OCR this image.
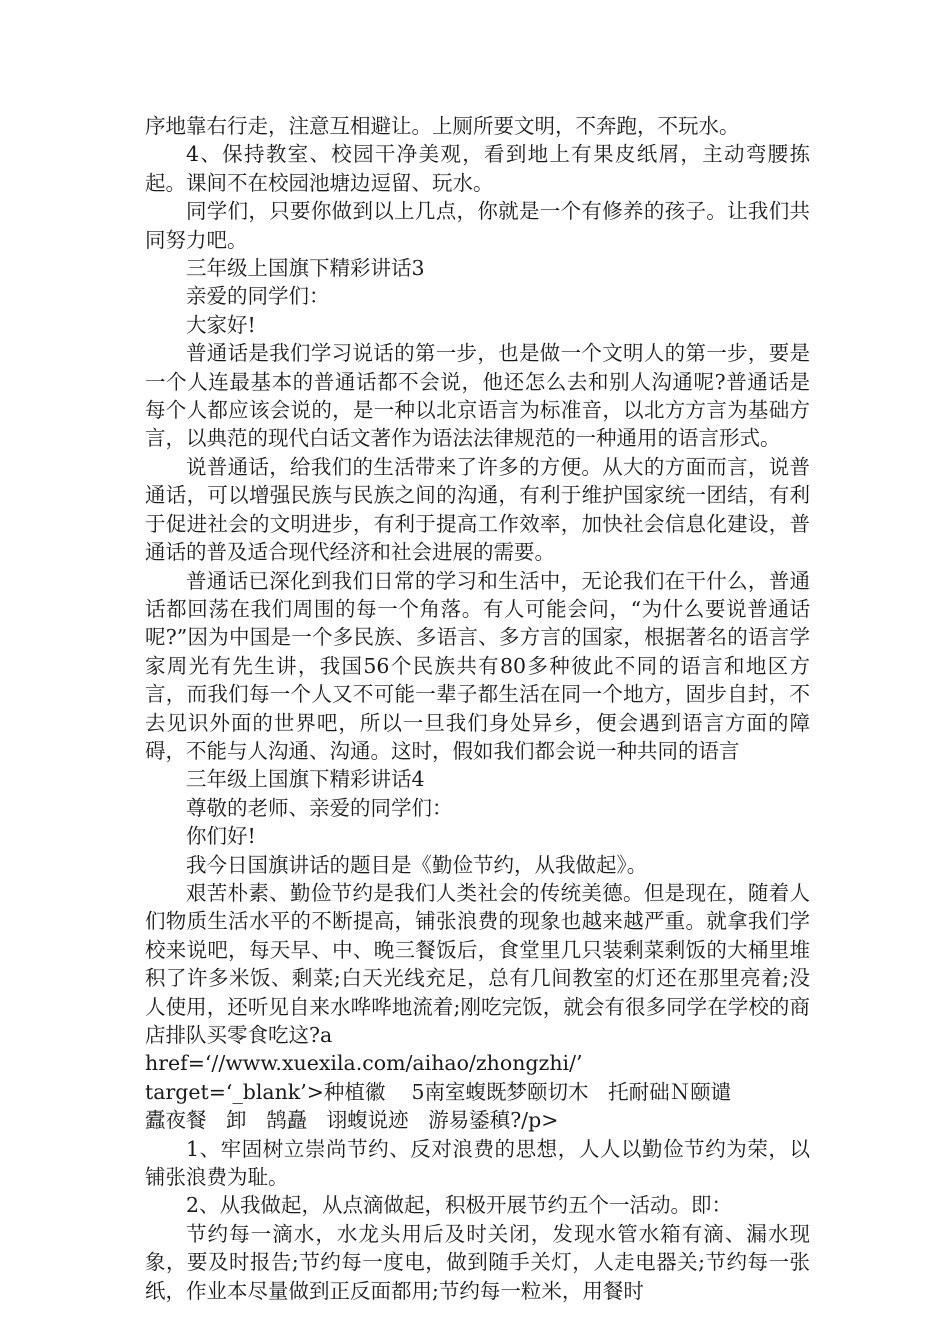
序地靠右行走，注意互相避让。上厕所要文明，不奔跑，不玩水。

4、保持教室、校园干净美观，看到地上有果皮纸屑，主动弯腰拣起。课间不在校园池塘边逗留、玩水。

同学们，只要你做到以上几点，你就是一个有修养的孩子。让我们共同努力吧。

三年级上国旗下精彩讲话3

亲爱的同学们：

大家好!

普通话是我们学习说话的第一步，也是做一个文明人的第一步，要是一个人连最基本的普通话都不会说，他还怎么去和别人沟通呢?普通话是每个人都应该会说的，是一种以北京语言为标准音，以北方方言为基础方言，以典范的现代白话文著作为语法法律规范的一种通用的语言形式。

说普通话，给我们的生活带来了许多的方便。从大的方面而言，说普通话，可以增强民族与民族之间的沟通，有利于维护国家统一团结，有利于促进社会的文明进步，有利于提高工作效率，加快社会信息化建设，普通话的普及适合现代经济和社会进展的需要。

普通话已深化到我们日常的学习和生活中，无论我们在干什么，普通话都回荡在我们周围的每一个角落。有人可能会问，“为什么要说普通话呢?”因为中国是一个多民族、多语言、多方言的国家，根据著名的语言学家周光有先生讲，我国56个民族共有80多种彼此不同的语言和地区方言，而我们每一个人又不可能一辈子都生活在同一个地方，固步自封，不去见识外面的世界吧，所以一旦我们身处异乡，便会遇到语言方面的障碍，不能与人沟通、沟通。这时，假如我们都会说一种共同的语言

三年级上国旗下精彩讲话4

尊敬的老师、亲爱的同学们：

你们好!

我今日国旗讲话的题目是《勤俭节约，从我做起》。

艰苦朴素、勤俭节约是我们人类社会的传统美德。但是现在，随着人们物质生活水平的不断提高，铺张浪费的现象也越来越严重。就拿我们学校来说吧，每天早、中、晚三餐饭后，食堂里几只装剩菜剩饭的大桶里堆积了许多米饭、剩菜;白天光线充足，总有几间教室的灯还在那里亮着;没人使用，还听见自来水哗哗地流着;刚吃完饭，就会有很多同学在学校的商店排队买零食吃这?a

href=‘//www.xuexila.com/aihao/zhongzhi/’

target=‘_blank’>种植徽    5南室蝮既梦颐切木   托耐础Ｎ颐谴

蠹夜餐   卸   鹄矗   诩蝮说迹   游易鋈稹?/p>

1、牢固树立崇尚节约、反对浪费的思想，人人以勤俭节约为荣，以铺张浪费为耻。

2、从我做起，从点滴做起，积极开展节约五个一活动。即：

节约每一滴水，水龙头用后及时关闭，发现水管水箱有滴、漏水现象，要及时报告;节约每一度电，做到随手关灯，人走电器关;节约每一张纸，作业本尽量做到正反面都用;节约每一粒米，用餐时
